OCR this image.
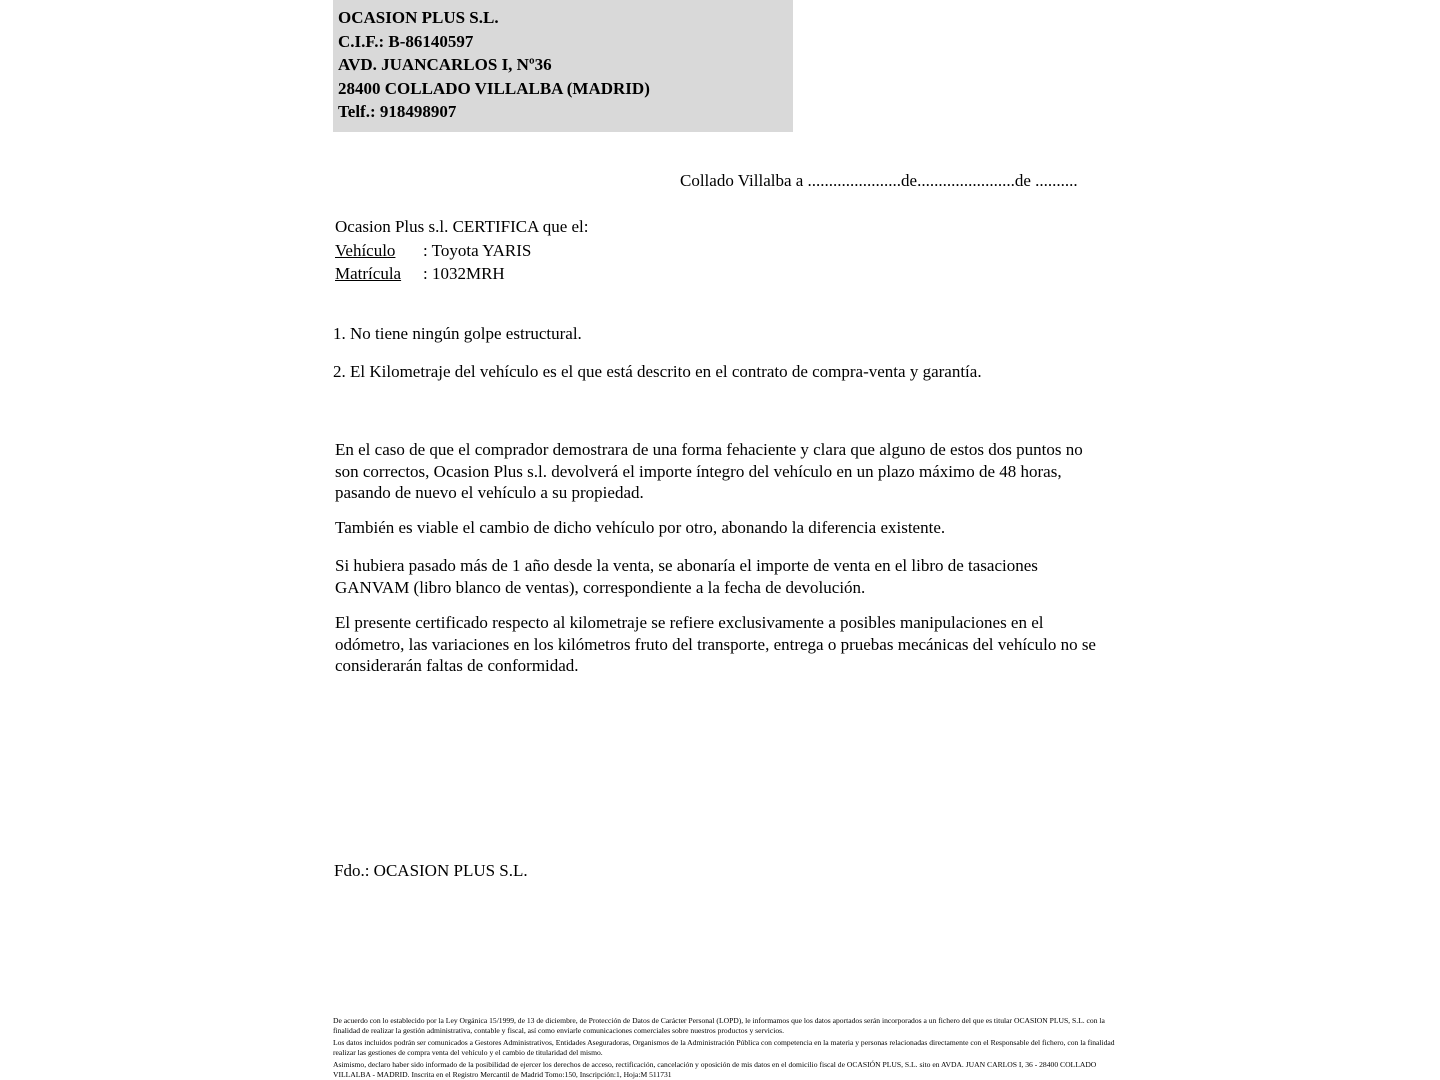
OCASION PLUS S.L.
C.I.F.: B-86140597
AVD. JUANCARLOS I, Nº36
28400 COLLADO VILLALBA (MADRID)
Telf.: 918498907
Collado Villalba a ......................de.......................de ..........
Ocasion Plus s.l. CERTIFICA que el:
Vehículo : Toyota YARIS
Matrícula : 1032MRH
1. No tiene ningún golpe estructural.
2. El Kilometraje del vehículo es el que está descrito en el contrato de compra-venta y garantía.
En el caso de que el comprador demostrara de una forma fehaciente y clara que alguno de estos dos puntos no son correctos, Ocasion Plus s.l. devolverá el importe íntegro del vehículo en un plazo máximo de 48 horas, pasando de nuevo el vehículo a su propiedad.
También es viable el cambio de dicho vehículo por otro, abonando la diferencia existente.
Si hubiera pasado más de 1 año desde la venta, se abonaría el importe de venta en el libro de tasaciones GANVAM (libro blanco de ventas), correspondiente a la fecha de devolución.
El presente certificado respecto al kilometraje se refiere exclusivamente a posibles manipulaciones en el odómetro, las variaciones en los kilómetros fruto del transporte, entrega o pruebas mecánicas del vehículo no se considerarán faltas de conformidad.
Fdo.: OCASION PLUS S.L.

De acuerdo con lo establecido por la Ley Orgánica 15/1999, de 13 de diciembre, de Protección de Datos de Carácter Personal (LOPD), le informamos que los datos aportados serán incorporados a un fichero del que es titular OCASION PLUS, S.L. con la finalidad de realizar la gestión administrativa, contable y fiscal, así como enviarle comunicaciones comerciales sobre nuestros productos y servicios.

Los datos incluidos podrán ser comunicados a Gestores Administrativos, Entidades Aseguradoras, Organismos de la Administración Pública con competencia en la materia y personas relacionadas directamente con el Responsable del fichero, con la finalidad realizar las gestiones de compra venta del vehículo y el cambio de titularidad del mismo.

Asimismo, declaro haber sido informado de la posibilidad de ejercer los derechos de acceso, rectificación, cancelación y oposición de mis datos en el domicilio fiscal de OCASIÓN PLUS, S.L. sito en AVDA. JUAN CARLOS I, 36 - 28400 COLLADO VILLALBA - MADRID. Inscrita en el Registro Mercantil de Madrid Tomo:150, Inscripción:1, Hoja:M 511731
